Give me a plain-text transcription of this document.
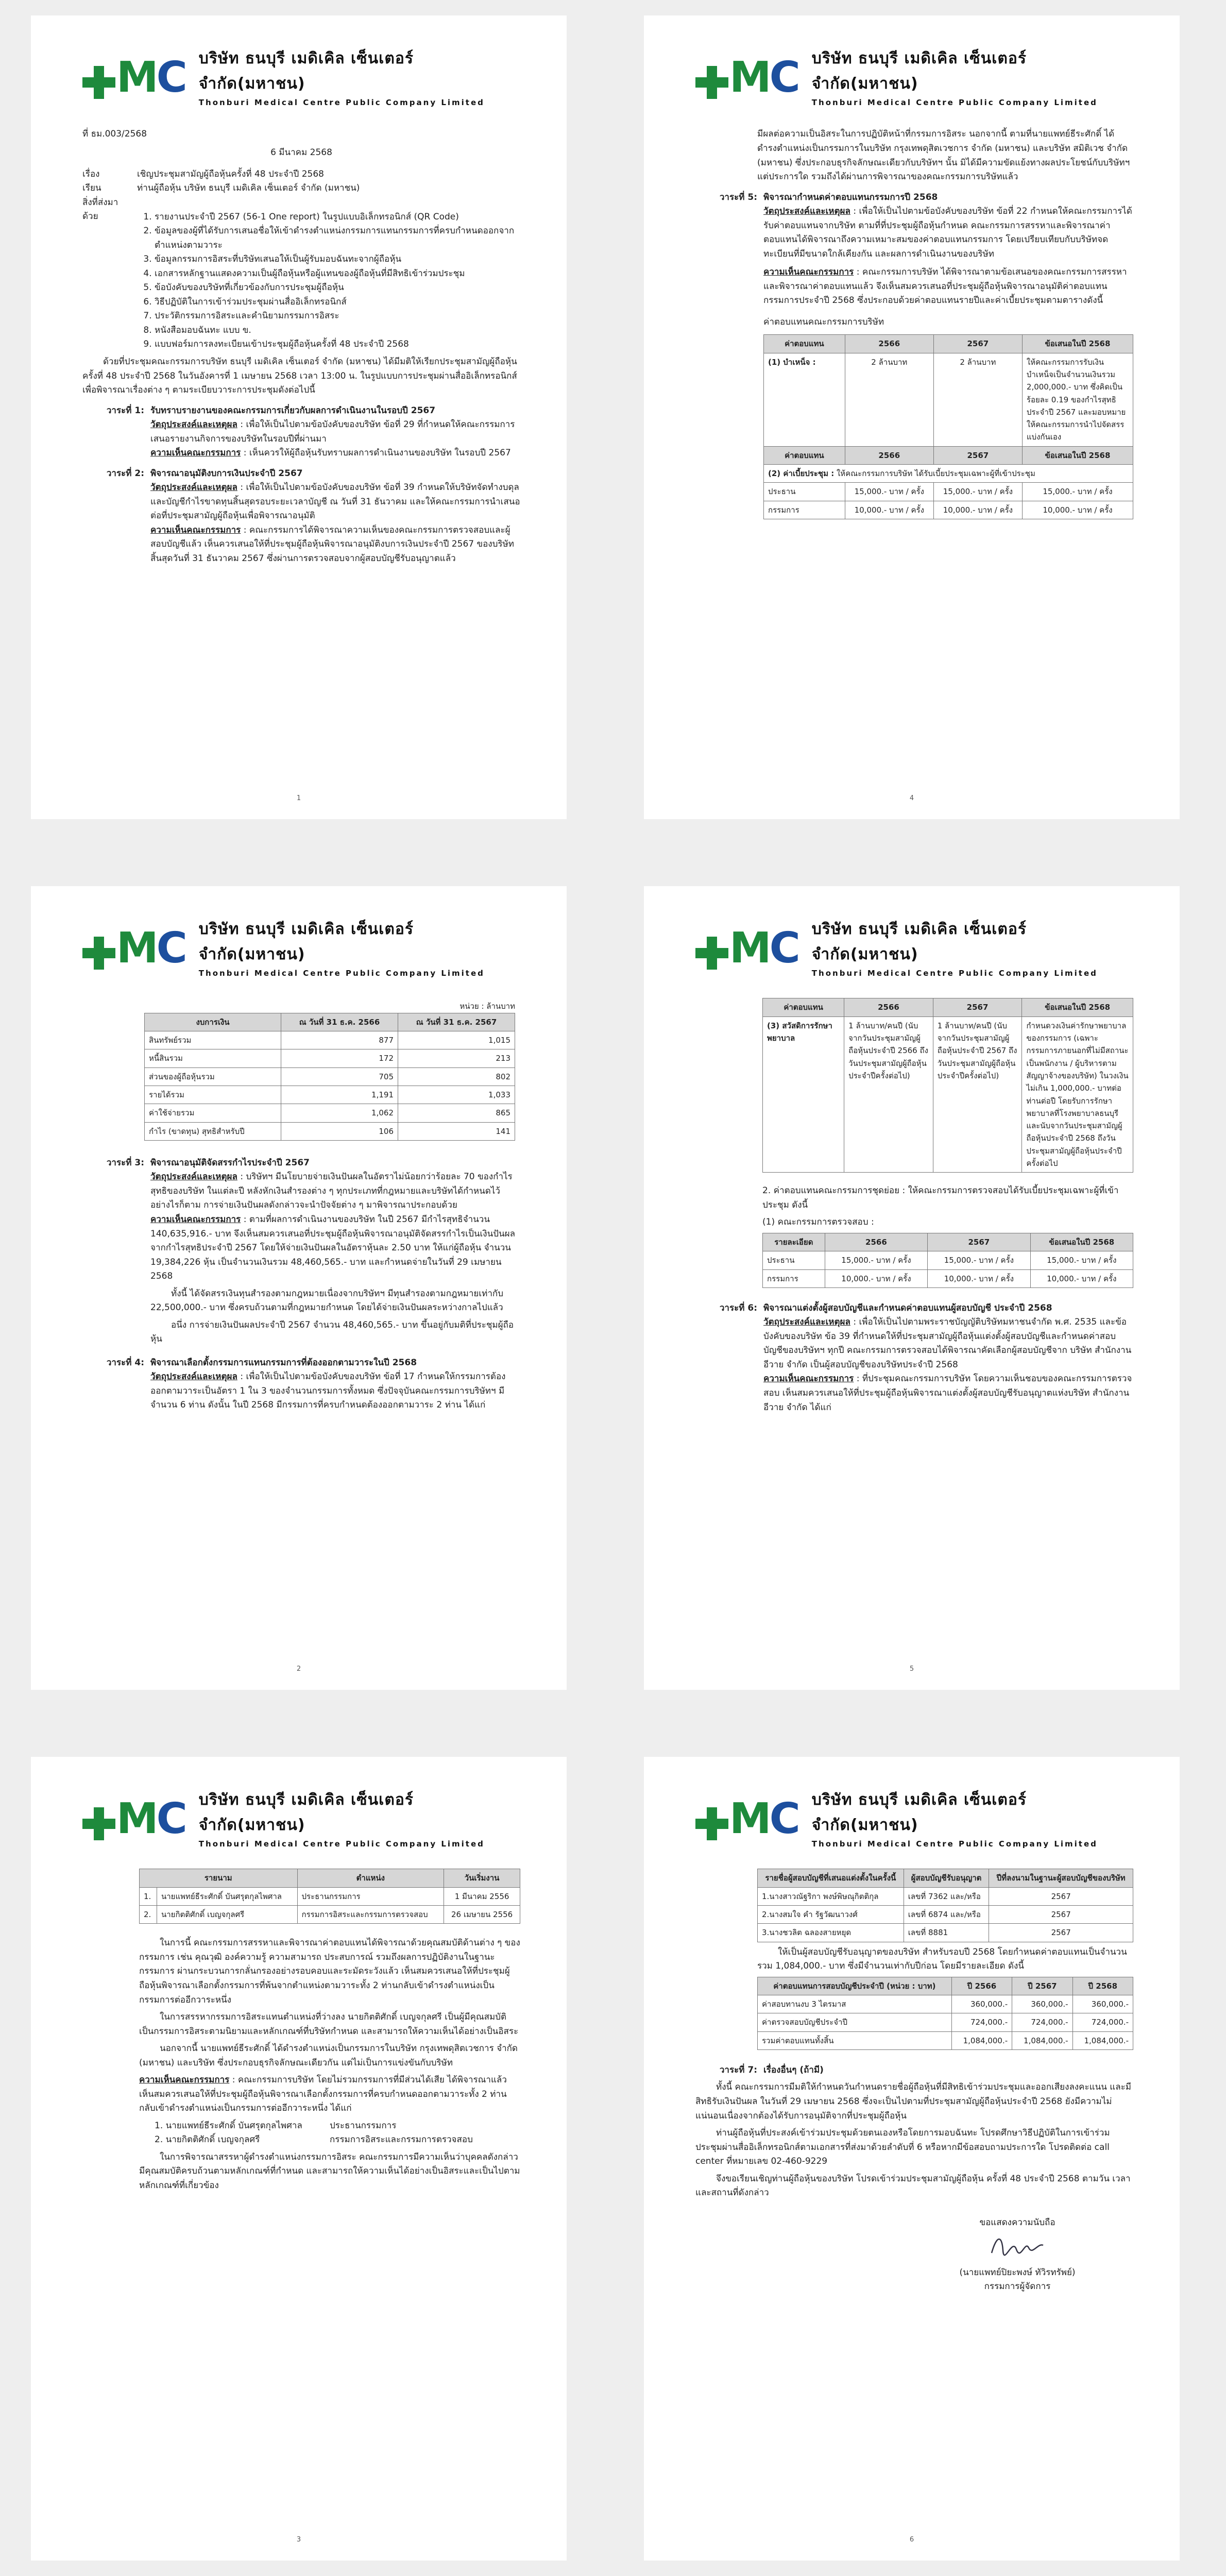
M C บริษัท ธนบุรี เมดิเคิล เซ็นเตอร์ จำกัด(มหาชน)
Thonburi Medical Centre Public Company Limited
ที่ ธม.003/2568
6 มีนาคม 2568
เรื่อง	เชิญประชุมสามัญผู้ถือหุ้นครั้งที่ 48 ประจำปี 2568
เรียน	ท่านผู้ถือหุ้น บริษัท ธนบุรี เมดิเคิล เซ็นเตอร์ จำกัด (มหาชน)
สิ่งที่ส่งมาด้วย	1. รายงานประจำปี 2567 (56-1 One report) ในรูปแบบอิเล็กทรอนิกส์ (QR Code)
2. ข้อมูลของผู้ที่ได้รับการเสนอชื่อให้เข้าดำรงตำแหน่งกรรมการแทนกรรมการที่ครบกำหนดออกจากตำแหน่งตามวาระ
3. ข้อมูลกรรมการอิสระที่บริษัทเสนอให้เป็นผู้รับมอบฉันทะจากผู้ถือหุ้น
4. เอกสารหลักฐานแสดงความเป็นผู้ถือหุ้นหรือผู้แทนของผู้ถือหุ้นที่มีสิทธิเข้าร่วมประชุม
5. ข้อบังคับของบริษัทที่เกี่ยวข้องกับการประชุมผู้ถือหุ้น
6. วิธีปฏิบัติในการเข้าร่วมประชุมผ่านสื่ออิเล็กทรอนิกส์
7. ประวัติกรรมการอิสระและคำนิยามกรรมการอิสระ
8. หนังสือมอบฉันทะ แบบ ข.
9. แบบฟอร์มการลงทะเบียนเข้าประชุมผู้ถือหุ้นครั้งที่ 48 ประจำปี 2568

ด้วยที่ประชุมคณะกรรมการบริษัท ธนบุรี เมดิเคิล เซ็นเตอร์ จำกัด (มหาชน) ได้มีมติให้เรียกประชุมสามัญผู้ถือหุ้นครั้งที่ 48 ประจำปี 2568 ในวันอังคารที่ 1 เมษายน 2568 เวลา 13:00 น. ในรูปแบบการประชุมผ่านสื่ออิเล็กทรอนิกส์ เพื่อพิจารณาเรื่องต่าง ๆ ตามระเบียบวาระการประชุมดังต่อไปนี้

วาระที่ 1: รับทราบรายงานของคณะกรรมการเกี่ยวกับผลการดำเนินงานในรอบปี 2567
วัตถุประสงค์และเหตุผล : เพื่อให้เป็นไปตามข้อบังคับของบริษัท ข้อที่ 29 ที่กำหนดให้คณะกรรมการเสนอรายงานกิจการของบริษัทในรอบปีที่ผ่านมา
ความเห็นคณะกรรมการ : เห็นควรให้ผู้ถือหุ้นรับทราบผลการดำเนินงานของบริษัท ในรอบปี 2567
วาระที่ 2: พิจารณาอนุมัติงบการเงินประจำปี 2567
วัตถุประสงค์และเหตุผล : เพื่อให้เป็นไปตามข้อบังคับของบริษัท ข้อที่ 39 กำหนดให้บริษัทจัดทำงบดุลและบัญชีกำไรขาดทุนสิ้นสุดรอบระยะเวลาบัญชี ณ วันที่ 31 ธันวาคม และให้คณะกรรมการนำเสนอต่อที่ประชุมสามัญผู้ถือหุ้นเพื่อพิจารณาอนุมัติ
ความเห็นคณะกรรมการ : คณะกรรมการได้พิจารณาความเห็นของคณะกรรมการตรวจสอบและผู้สอบบัญชีแล้ว เห็นควรเสนอให้ที่ประชุมผู้ถือหุ้นพิจารณาอนุมัติงบการเงินประจำปี 2567 ของบริษัท สิ้นสุดวันที่ 31 ธันวาคม 2567 ซึ่งผ่านการตรวจสอบจากผู้สอบบัญชีรับอนุญาตแล้ว
1
M C บริษัท ธนบุรี เมดิเคิล เซ็นเตอร์ จำกัด(มหาชน)
Thonburi Medical Centre Public Company Limited

มีผลต่อความเป็นอิสระในการปฏิบัติหน้าที่กรรมการอิสระ นอกจากนี้ ตามที่นายแพทย์ธีระศักดิ์ ได้ดำรงตำแหน่งเป็นกรรมการในบริษัท กรุงเทพดุสิตเวชการ จำกัด (มหาชน) และบริษัท สมิติเวช จำกัด (มหาชน) ซึ่งประกอบธุรกิจลักษณะเดียวกับบริษัทฯ นั้น มิได้มีความขัดแย้งทางผลประโยชน์กับบริษัทฯ แต่ประการใด รวมถึงได้ผ่านการพิจารณาของคณะกรรมการบริษัทแล้ว

วาระที่ 5: พิจารณากำหนดค่าตอบแทนกรรมการปี 2568
วัตถุประสงค์และเหตุผล : เพื่อให้เป็นไปตามข้อบังคับของบริษัท ข้อที่ 22 กำหนดให้คณะกรรมการได้รับค่าตอบแทนจากบริษัท ตามที่ที่ประชุมผู้ถือหุ้นกำหนด คณะกรรมการสรรหาและพิจารณาค่าตอบแทนได้พิจารณาถึงความเหมาะสมของค่าตอบแทนกรรมการ โดยเปรียบเทียบกับบริษัทจดทะเบียนที่มีขนาดใกล้เคียงกัน และผลการดำเนินงานของบริษัท
ความเห็นคณะกรรมการ : คณะกรรมการบริษัท ได้พิจารณาตามข้อเสนอของคณะกรรมการสรรหาและพิจารณาค่าตอบแทนแล้ว จึงเห็นสมควรเสนอที่ประชุมผู้ถือหุ้นพิจารณาอนุมัติค่าตอบแทนกรรมการประจำปี 2568 ซึ่งประกอบด้วยค่าตอบแทนรายปีและค่าเบี้ยประชุมตามตารางดังนี้
ค่าตอบแทนคณะกรรมการบริษัท
ค่าตอบแทน	2566	2567	ข้อเสนอในปี 2568
(1) บำเหน็จ :	2 ล้านบาท	2 ล้านบาท	ให้คณะกรรมการรับเงินบำเหน็จเป็นจำนวนเงินรวม 2,000,000.- บาท ซึ่งคิดเป็นร้อยละ 0.19 ของกำไรสุทธิประจำปี 2567 และมอบหมายให้คณะกรรมการนำไปจัดสรรแบ่งกันเอง
ค่าตอบแทน	2566	2567	ข้อเสนอในปี 2568
(2) ค่าเบี้ยประชุม : ให้คณะกรรมการบริษัท ได้รับเบี้ยประชุมเฉพาะผู้ที่เข้าประชุม			
ประธาน	15,000.- บาท / ครั้ง	15,000.- บาท / ครั้ง	15,000.- บาท / ครั้ง
กรรมการ	10,000.- บาท / ครั้ง	10,000.- บาท / ครั้ง	10,000.- บาท / ครั้ง
4
M C บริษัท ธนบุรี เมดิเคิล เซ็นเตอร์ จำกัด(มหาชน)
Thonburi Medical Centre Public Company Limited
หน่วย : ล้านบาท
งบการเงิน	ณ วันที่ 31 ธ.ค. 2566	ณ วันที่ 31 ธ.ค. 2567
สินทรัพย์รวม	877	1,015
หนี้สินรวม	172	213
ส่วนของผู้ถือหุ้นรวม	705	802
รายได้รวม	1,191	1,033
ค่าใช้จ่ายรวม	1,062	865
กำไร (ขาดทุน) สุทธิสำหรับปี	106	141
วาระที่ 3: พิจารณาอนุมัติจัดสรรกำไรประจำปี 2567
วัตถุประสงค์และเหตุผล : บริษัทฯ มีนโยบายจ่ายเงินปันผลในอัตราไม่น้อยกว่าร้อยละ 70 ของกำไรสุทธิของบริษัท ในแต่ละปี หลังหักเงินสำรองต่าง ๆ ทุกประเภทที่กฎหมายและบริษัทได้กำหนดไว้ อย่างไรก็ตาม การจ่ายเงินปันผลดังกล่าวจะนำปัจจัยต่าง ๆ มาพิจารณาประกอบด้วย
ความเห็นคณะกรรมการ : ตามที่ผลการดำเนินงานของบริษัท ในปี 2567 มีกำไรสุทธิจำนวน 140,635,916.- บาท จึงเห็นสมควรเสนอที่ประชุมผู้ถือหุ้นพิจารณาอนุมัติจัดสรรกำไรเป็นเงินปันผลจากกำไรสุทธิประจำปี 2567 โดยให้จ่ายเงินปันผลในอัตราหุ้นละ 2.50 บาท ให้แก่ผู้ถือหุ้น จำนวน 19,384,226 หุ้น เป็นจำนวนเงินรวม 48,460,565.- บาท และกำหนดจ่ายในวันที่ 29 เมษายน 2568

ทั้งนี้ ได้จัดสรรเงินทุนสำรองตามกฎหมายเนื่องจากบริษัทฯ มีทุนสำรองตามกฎหมายเท่ากับ 22,500,000.- บาท ซึ่งครบถ้วนตามที่กฎหมายกำหนด โดยได้จ่ายเงินปันผลระหว่างกาลไปแล้ว

อนึ่ง การจ่ายเงินปันผลประจำปี 2567 จำนวน 48,460,565.- บาท ขึ้นอยู่กับมติที่ประชุมผู้ถือหุ้น

วาระที่ 4: พิจารณาเลือกตั้งกรรมการแทนกรรมการที่ต้องออกตามวาระในปี 2568
วัตถุประสงค์และเหตุผล : เพื่อให้เป็นไปตามข้อบังคับของบริษัท ข้อที่ 17 กำหนดให้กรรมการต้องออกตามวาระเป็นอัตรา 1 ใน 3 ของจำนวนกรรมการทั้งหมด ซึ่งปัจจุบันคณะกรรมการบริษัทฯ มีจำนวน 6 ท่าน ดังนั้น ในปี 2568 มีกรรมการที่ครบกำหนดต้องออกตามวาระ 2 ท่าน ได้แก่
2
M C บริษัท ธนบุรี เมดิเคิล เซ็นเตอร์ จำกัด(มหาชน)
Thonburi Medical Centre Public Company Limited
ค่าตอบแทน	2566	2567	ข้อเสนอในปี 2568
(3) สวัสดิการรักษาพยาบาล	1 ล้านบาท/คนปี (นับจากวันประชุมสามัญผู้ถือหุ้นประจำปี 2566 ถึงวันประชุมสามัญผู้ถือหุ้นประจำปีครั้งต่อไป)	1 ล้านบาท/คนปี (นับจากวันประชุมสามัญผู้ถือหุ้นประจำปี 2567 ถึงวันประชุมสามัญผู้ถือหุ้นประจำปีครั้งต่อไป)	กำหนดวงเงินค่ารักษาพยาบาลของกรรมการ (เฉพาะกรรมการภายนอกที่ไม่มีสถานะเป็นพนักงาน / ผู้บริหารตามสัญญาจ้างของบริษัท) ในวงเงินไม่เกิน 1,000,000.- บาทต่อท่านต่อปี โดยรับการรักษาพยาบาลที่โรงพยาบาลธนบุรี และนับจากวันประชุมสามัญผู้ถือหุ้นประจำปี 2568 ถึงวันประชุมสามัญผู้ถือหุ้นประจำปีครั้งต่อไป

2. ค่าตอบแทนคณะกรรมการชุดย่อย : ให้คณะกรรมการตรวจสอบได้รับเบี้ยประชุมเฉพาะผู้ที่เข้าประชุม ดังนี้

(1) คณะกรรมการตรวจสอบ :
รายละเอียด	2566	2567	ข้อเสนอในปี 2568
ประธาน	15,000.- บาท / ครั้ง	15,000.- บาท / ครั้ง	15,000.- บาท / ครั้ง
กรรมการ	10,000.- บาท / ครั้ง	10,000.- บาท / ครั้ง	10,000.- บาท / ครั้ง
วาระที่ 6: พิจารณาแต่งตั้งผู้สอบบัญชีและกำหนดค่าตอบแทนผู้สอบบัญชี ประจำปี 2568
วัตถุประสงค์และเหตุผล : เพื่อให้เป็นไปตามพระราชบัญญัติบริษัทมหาชนจำกัด พ.ศ. 2535 และข้อบังคับของบริษัท ข้อ 39 ที่กำหนดให้ที่ประชุมสามัญผู้ถือหุ้นแต่งตั้งผู้สอบบัญชีและกำหนดค่าสอบบัญชีของบริษัทฯ ทุกปี คณะกรรมการตรวจสอบได้พิจารณาคัดเลือกผู้สอบบัญชีจาก บริษัท สำนักงาน อีวาย จำกัด เป็นผู้สอบบัญชีของบริษัทประจำปี 2568
ความเห็นคณะกรรมการ : ที่ประชุมคณะกรรมการบริษัท โดยความเห็นชอบของคณะกรรมการตรวจสอบ เห็นสมควรเสนอให้ที่ประชุมผู้ถือหุ้นพิจารณาแต่งตั้งผู้สอบบัญชีรับอนุญาตแห่งบริษัท สำนักงาน อีวาย จำกัด ได้แก่
5
M C บริษัท ธนบุรี เมดิเคิล เซ็นเตอร์ จำกัด(มหาชน)
Thonburi Medical Centre Public Company Limited
รายนาม		ตำแหน่ง	วันเริ่มงาน
1.	นายแพทย์ธีระศักดิ์ บันศรุตกุลไพศาล	ประธานกรรมการ	1 มีนาคม 2556
2.	นายกิตติศักดิ์ เบญจกุลศรี	กรรมการอิสระและกรรมการตรวจสอบ	26 เมษายน 2556

ในการนี้ คณะกรรมการสรรหาและพิจารณาค่าตอบแทนได้พิจารณาด้วยคุณสมบัติด้านต่าง ๆ ของกรรมการ เช่น คุณวุฒิ องค์ความรู้ ความสามารถ ประสบการณ์ รวมถึงผลการปฏิบัติงานในฐานะกรรมการ ผ่านกระบวนการกลั่นกรองอย่างรอบคอบและระมัดระวังแล้ว เห็นสมควรเสนอให้ที่ประชุมผู้ถือหุ้นพิจารณาเลือกตั้งกรรมการที่พ้นจากตำแหน่งตามวาระทั้ง 2 ท่านกลับเข้าดำรงตำแหน่งเป็นกรรมการต่ออีกวาระหนึ่ง

ในการสรรหากรรมการอิสระแทนตำแหน่งที่ว่างลง นายกิตติศักดิ์ เบญจกุลศรี เป็นผู้มีคุณสมบัติเป็นกรรมการอิสระตามนิยามและหลักเกณฑ์ที่บริษัทกำหนด และสามารถให้ความเห็นได้อย่างเป็นอิสระ

นอกจากนี้ นายแพทย์ธีระศักดิ์ ได้ดำรงตำแหน่งเป็นกรรมการในบริษัท กรุงเทพดุสิตเวชการ จำกัด (มหาชน) และบริษัท ซึ่งประกอบธุรกิจลักษณะเดียวกัน แต่ไม่เป็นการแข่งขันกับบริษัท

ความเห็นคณะกรรมการ : คณะกรรมการบริษัท โดยไม่รวมกรรมการที่มีส่วนได้เสีย ได้พิจารณาแล้ว เห็นสมควรเสนอให้ที่ประชุมผู้ถือหุ้นพิจารณาเลือกตั้งกรรมการที่ครบกำหนดออกตามวาระทั้ง 2 ท่าน กลับเข้าดำรงตำแหน่งเป็นกรรมการต่ออีกวาระหนึ่ง ได้แก่
1. นายแพทย์ธีระศักดิ์ บันศรุตกุลไพศาล	ประธานกรรมการ
2. นายกิตติศักดิ์ เบญจกุลศรี	กรรมการอิสระและกรรมการตรวจสอบ

ในการพิจารณาสรรหาผู้ดำรงตำแหน่งกรรมการอิสระ คณะกรรมการมีความเห็นว่าบุคคลดังกล่าวมีคุณสมบัติครบถ้วนตามหลักเกณฑ์ที่กำหนด และสามารถให้ความเห็นได้อย่างเป็นอิสระและเป็นไปตามหลักเกณฑ์ที่เกี่ยวข้อง

3
M C บริษัท ธนบุรี เมดิเคิล เซ็นเตอร์ จำกัด(มหาชน)
Thonburi Medical Centre Public Company Limited
รายชื่อผู้สอบบัญชีที่เสนอแต่งตั้งในครั้งนี้	ผู้สอบบัญชีรับอนุญาต	ปีที่ลงนามในฐานะผู้สอบบัญชีของบริษัท
1.นางสาวณัฐริกา พงษ์พิษณุกิตติกุล	เลขที่ 7362 และ/หรือ	2567
2.นางสมใจ คำ รัฐวัฒนาวงศ์	เลขที่ 6874 และ/หรือ	2567
3.นางชวลิต ฉลองสายหยุด	เลขที่ 8881	2567

ให้เป็นผู้สอบบัญชีรับอนุญาตของบริษัท สำหรับรอบปี 2568 โดยกำหนดค่าตอบแทนเป็นจำนวนรวม 1,084,000.- บาท ซึ่งมีจำนวนเท่ากับปีก่อน โดยมีรายละเอียด ดังนี้

ค่าตอบแทนการสอบบัญชีประจำปี (หน่วย : บาท)	ปี 2566	ปี 2567	ปี 2568
ค่าสอบทานงบ 3 ไตรมาส	360,000.-	360,000.-	360,000.-
ค่าตรวจสอบบัญชีประจำปี	724,000.-	724,000.-	724,000.-
รวมค่าตอบแทนทั้งสิ้น	1,084,000.-	1,084,000.-	1,084,000.-
วาระที่ 7: เรื่องอื่นๆ (ถ้ามี)

ทั้งนี้ คณะกรรมการมีมติให้กำหนดวันกำหนดรายชื่อผู้ถือหุ้นที่มีสิทธิเข้าร่วมประชุมและออกเสียงลงคะแนน และมีสิทธิรับเงินปันผล ในวันที่ 29 เมษายน 2568 ซึ่งจะเป็นไปตามที่ประชุมสามัญผู้ถือหุ้นประจำปี 2568 ยังมีความไม่แน่นอนเนื่องจากต้องได้รับการอนุมัติจากที่ประชุมผู้ถือหุ้น

ท่านผู้ถือหุ้นที่ประสงค์เข้าร่วมประชุมด้วยตนเองหรือโดยการมอบฉันทะ โปรดศึกษาวิธีปฏิบัติในการเข้าร่วมประชุมผ่านสื่ออิเล็กทรอนิกส์ตามเอกสารที่ส่งมาด้วยลำดับที่ 6 หรือหากมีข้อสอบถามประการใด โปรดติดต่อ call center ที่หมายเลข 02-460-9229

จึงขอเรียนเชิญท่านผู้ถือหุ้นของบริษัท โปรดเข้าร่วมประชุมสามัญผู้ถือหุ้น ครั้งที่ 48 ประจำปี 2568 ตามวัน เวลา และสถานที่ดังกล่าว

ขอแสดงความนับถือ
(นายแพทย์ปิยะพงษ์ ทัวิรทรัพย์)
กรรมการผู้จัดการ
6
